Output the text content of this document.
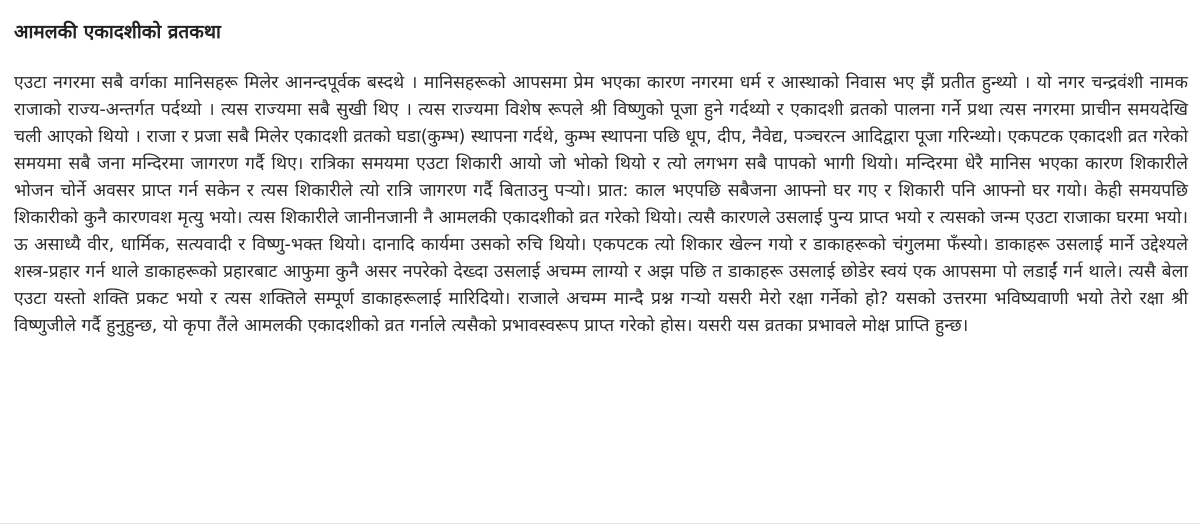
आमलकी एकादशीको व्रतकथा

एउटा नगरमा सबै वर्गका मानिसहरू मिलेर आनन्दपूर्वक बस्दथे । मानिसहरूको आपसमा प्रेम भएका कारण नगरमा धर्म र आस्थाको निवास भए झैं प्रतीत हुन्थ्यो । यो नगर चन्द्रवंशी नामक राजाको राज्य-अन्तर्गत पर्दथ्यो । त्यस राज्यमा सबै सुखी थिए । त्यस राज्यमा विशेष रूपले श्री विष्णुको पूजा हुने गर्दथ्यो र एकादशी व्रतको पालना गर्ने प्रथा त्यस नगरमा प्राचीन समयदेखि चली आएको थियो । राजा र प्रजा सबै मिलेर एकादशी व्रतको घडा(कुम्भ) स्थापना गर्दथे, कुम्भ स्थापना पछि धूप, दीप, नैवेद्य, पञ्चरत्न आदिद्वारा पूजा गरिन्थ्यो। एकपटक एकादशी व्रत गरेको समयमा सबै जना मन्दिरमा जागरण गर्दै थिए। रात्रिका समयमा एउटा शिकारी आयो जो भोको थियो र त्यो लगभग सबै पापको भागी थियो। मन्दिरमा धेरै मानिस भएका कारण शिकारीले भोजन चोर्ने अवसर प्राप्त गर्न सकेन र त्यस शिकारीले त्यो रात्रि जागरण गर्दै बिताउनु पर्‍यो। प्रात: काल भएपछि सबैजना आफ्नो घर गए र शिकारी पनि आफ्नो घर गयो। केही समयपछि शिकारीको कुनै कारणवश मृत्यु भयो। त्यस शिकारीले जानीनजानी नै आमलकी एकादशीको व्रत गरेको थियो। त्यसै कारणले उसलाई पुन्य प्राप्त भयो र त्यसको जन्म एउटा राजाका घरमा भयो। ऊ असाध्यै वीर, धार्मिक, सत्यवादी र विष्णु-भक्त थियो। दानादि कार्यमा उसको रुचि थियो। एकपटक त्यो शिकार खेल्न गयो र डाकाहरूको चंगुलमा फँस्यो। डाकाहरू उसलाई मार्ने उद्देश्यले शस्त्र-प्रहार गर्न थाले डाकाहरूको प्रहारबाट आफुमा कुनै असर नपरेको देख्दा उसलाई अचम्म लाग्यो र अझ पछि त डाकाहरू उसलाई छोडेर स्वयं एक आपसमा पो लडाईं गर्न थाले। त्यसै बेला एउटा यस्तो शक्ति प्रकट भयो र त्यस शक्तिले सम्पूर्ण डाकाहरूलाई मारिदियो। राजाले अचम्म मान्दै प्रश्न गर्‍यो यसरी मेरो रक्षा गर्नेको हो? यसको उत्तरमा भविष्यवाणी भयो तेरो रक्षा श्री विष्णुजीले गर्दै हुनुहुन्छ, यो कृपा तैंले आमलकी एकादशीको व्रत गर्नाले त्यसैको प्रभावस्वरूप प्राप्त गरेको होस। यसरी यस व्रतका प्रभावले मोक्ष प्राप्ति हुन्छ।
